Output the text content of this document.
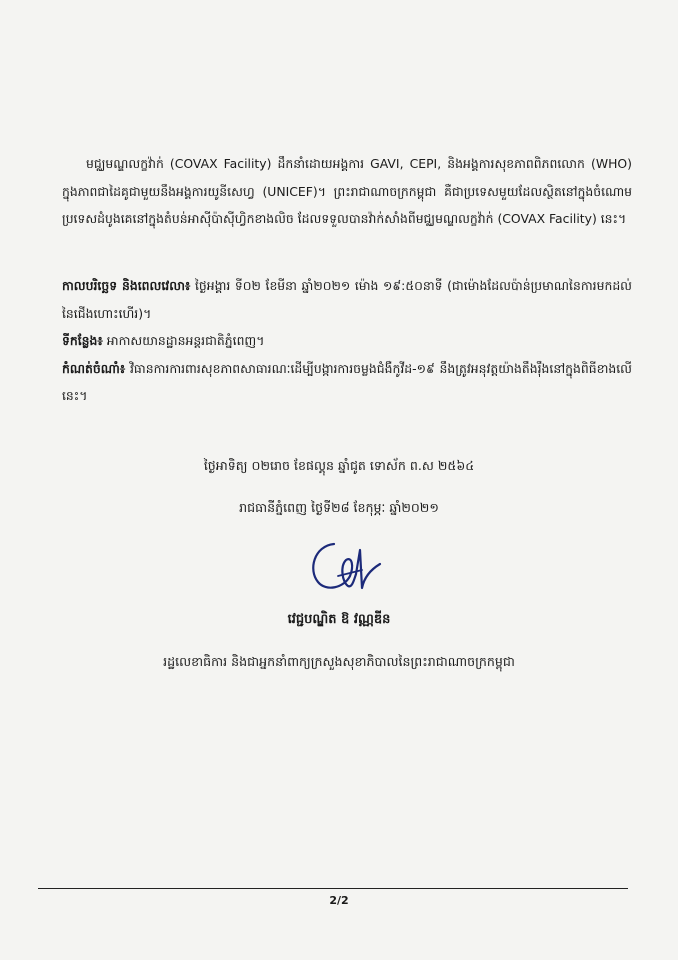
មជ្ឈមណ្ឌលក្ខវ៉ាក់ (COVAX Facility) ដឹកនាំដោយអង្គការ GAVI, CEPI, និងអង្គការសុខភាពពិភពលោក (WHO) ក្នុងភាពជាដៃគូជាមួយនឹងអង្គការយូនីសេហ្វ (UNICEF)។ ព្រះរាជាណាចក្រកម្ពុជា គឺជាប្រទេសមួយដែលស្ថិតនៅក្នុងចំណោមប្រទេសដំបូងគេនៅក្នុងតំបន់អាស៊ីប៉ាស៊ីហ្វិកខាងលិច ដែលទទួលបានវ៉ាក់សាំងពីមជ្ឈមណ្ឌលក្ខវ៉ាក់ (COVAX Facility) នេះ។
កាលបរិច្ឆេទ និងពេលវេលា៖ ថ្ងៃអង្គារ ទី០២ ខែមីនា ឆ្នាំ២០២១ ម៉ោង ១៩:៥០នាទី (ជាម៉ោងដែលប៉ាន់ប្រមាណនៃការមកដល់នៃជើងហោះហើរ)។
ទីកន្លែង៖ អាកាសយានដ្ឋានអន្តរជាតិភ្នំពេញ។
កំណត់ចំណាំ៖ វិធានការការពារសុខភាពសាធារណៈដើម្បីបង្ការការចម្លងជំងឺកូវីដ-១៩ នឹងត្រូវអនុវត្តយ៉ាងតឹងរ៉ឹងនៅក្នុងពិធីខាងលើនេះ។
ថ្ងៃអាទិត្យ ០២រោច ខែផល្គុន ឆ្នាំជូត ទោស័ក ព.ស ២៥៦៤
រាជធានីភ្នំពេញ ថ្ងៃទី២៨ ខែកុម្ភៈ ឆ្នាំ២០២១
វេជ្ជបណ្ឌិត ឱ វណ្ណឌីន
រដ្ឋលេខាធិការ និងជាអ្នកនាំពាក្យក្រសួងសុខាភិបាលនៃព្រះរាជាណាចក្រកម្ពុជា
2/2
